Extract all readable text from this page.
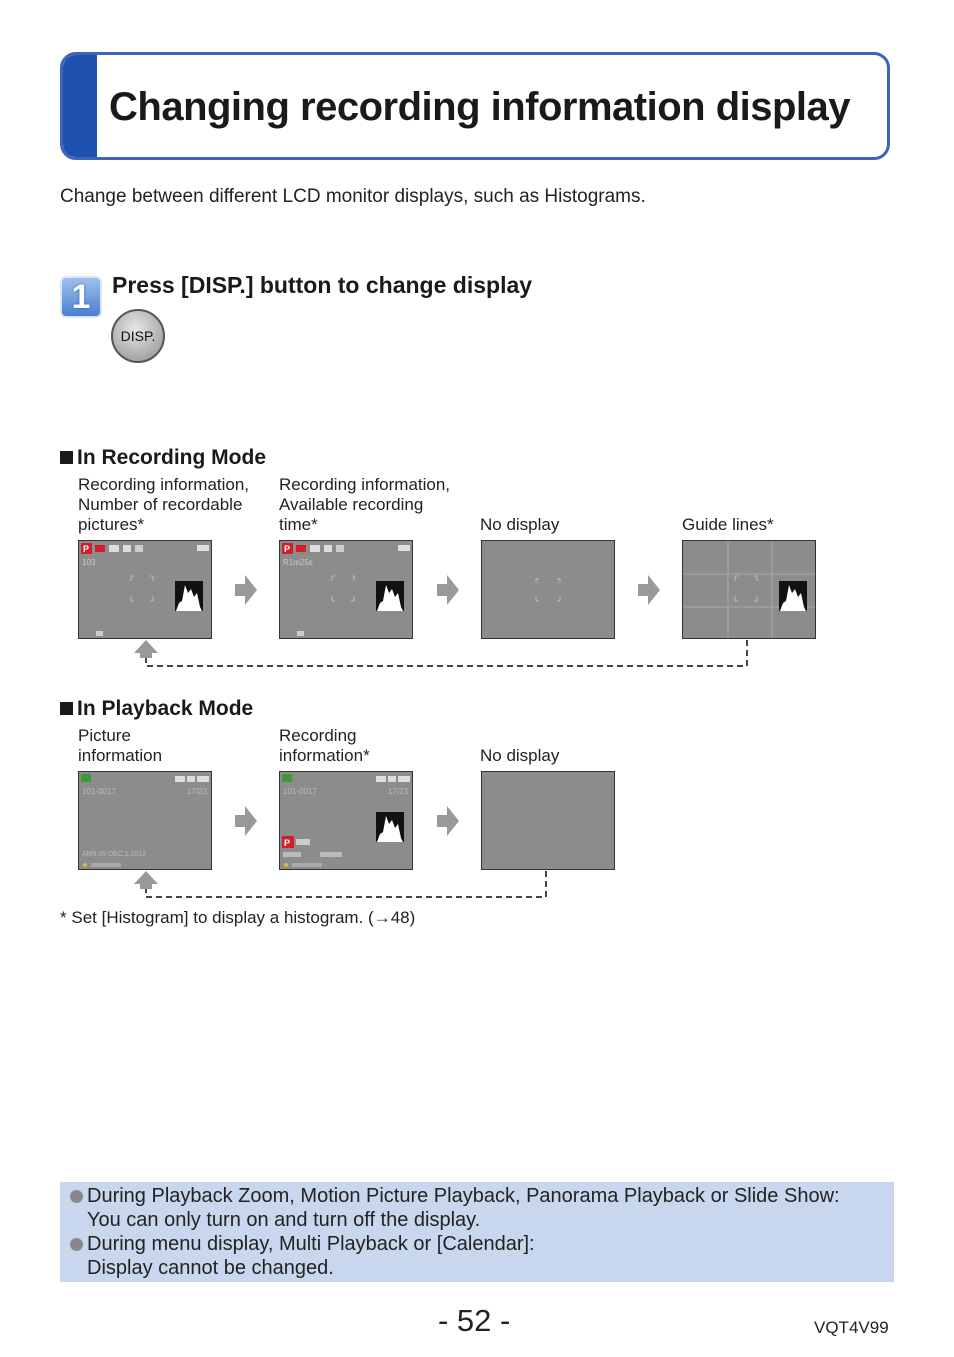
Changing recording information display
Change between different LCD monitor displays, such as Histograms.
1 Press [DISP.] button to change display
DISP.
In Recording Mode
Recording information,
Number of recordable
pictures*
Recording information,
Available recording
time*	No display	Guide lines*
P
103
P
R1m25s
In Playback Mode
Picture
information
Recording
information*	No display
101-0017	17/23
AM9:35 DEC.1.2012
101-0017	17/23
P
* Set [Histogram] to display a histogram. (→48)
During Playback Zoom, Motion Picture Playback, Panorama Playback or Slide Show:
You can only turn on and turn off the display.
During menu display, Multi Playback or [Calendar]:
Display cannot be changed.
- 52 -	VQT4V99
